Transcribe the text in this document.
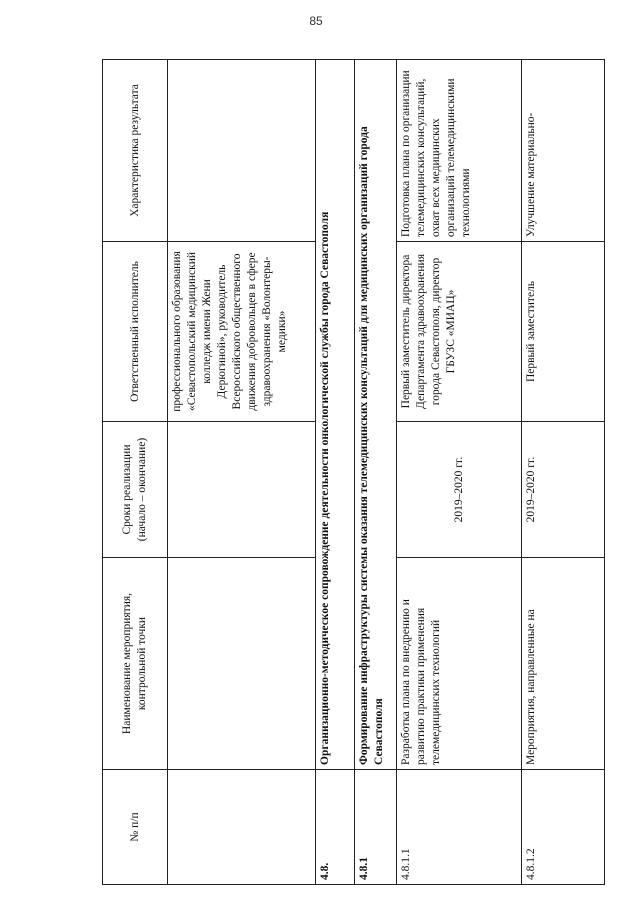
85
№ п/п	Наименование мероприятия, контрольной точки	Сроки реализации (начало – окончание)	Ответственный исполнитель	Характеристика результата
			профессионального образования «Севастопольский медицинский колледж имени Жени Дерюгиной», руководитель Всероссийского общественного движения добровольцев в сфере здравоохранения «Волонтеры-медики»	
4.8.	Организационно-методическое сопровождение деятельности онкологической службы города Севастополя			
4.8.1	Формирование инфраструктуры системы оказания телемедицинских консультаций для медицинских организаций города Севастополя			
4.8.1.1	Разработка плана по внедрению и развитию практики применения телемедицинских технологий	2019–2020 гг.	Первый заместитель директора Департамента здравоохранения города Севастополя, директор ГБУЗС «МИАЦ»	Подготовка плана по организации телемедицинских консультаций, охват всех медицинских организаций телемедицинскими технологиями
4.8.1.2	Мероприятия, направленные на	2019–2020 гг.	Первый заместитель	Улучшение материально-
